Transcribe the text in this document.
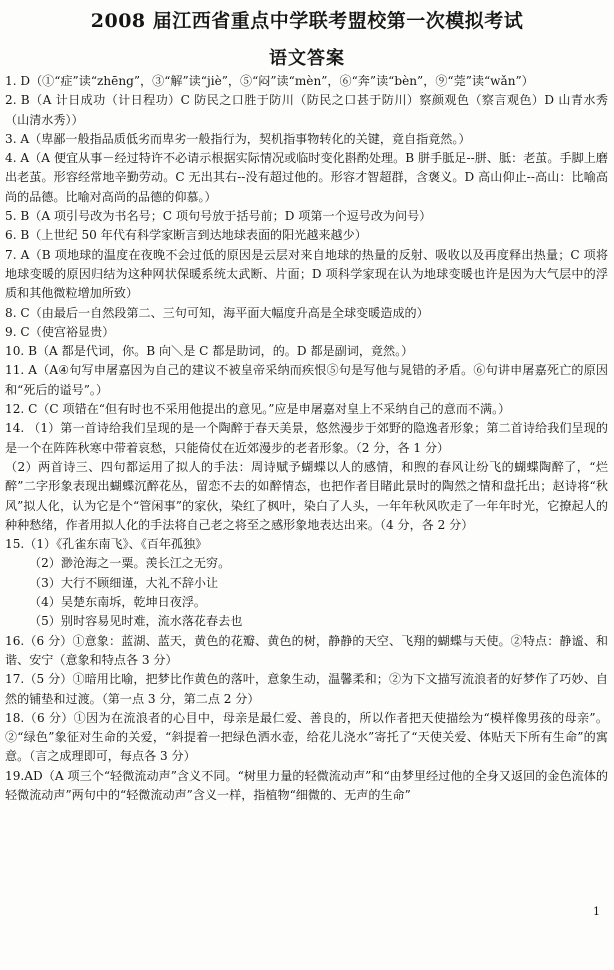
2008 届江西省重点中学联考盟校第一次模拟考试
语文答案

1. D（①“症”读“zhēng”，③“解”读“jiè”，⑤“闷”读“mèn”，⑥“奔”读“bèn”，⑨“莞”读“wǎn”）

2. B（A 计日成功（计日程功）C 防民之口胜于防川（防民之口甚于防川）察颜观色（察言观色）D 山青水秀（山清水秀））

3. A（卑鄙一般指品质低劣而卑劣一般指行为，契机指事物转化的关键，竟自指竟然。）

4. A（A 便宜从事－经过特许不必请示根据实际情况或临时变化斟酌处理。B 胼手胝足--胼、胝：老茧。手脚上磨出老茧。形容经常地辛勤劳动。C 无出其右--没有超过他的。形容才智超群，含褒义。D 高山仰止--高山：比喻高尚的品德。比喻对高尚的品德的仰慕。）

5. B（A 项引号改为书名号；C 项句号放于括号前；D 项第一个逗号改为问号）

6. B（上世纪 50 年代有科学家断言到达地球表面的阳光越来越少）

7. A（B 项地球的温度在夜晚不会过低的原因是云层对来自地球的热量的反射、吸收以及再度释出热量；C 项将地球变暖的原因归结为这种网状保暖系统太武断、片面；D 项科学家现在认为地球变暖也许是因为大气层中的浮质和其他微粒增加所致）

8. C（由最后一自然段第二、三句可知，海平面大幅度升高是全球变暖造成的）

9. C（使宫裕显贵）

10. B（A 都是代词，你。B 向＼是 C 都是助词，的。D 都是副词，竟然。）

11. A（A④句写申屠嘉因为自己的建议不被皇帝采纳而疾恨⑤句是写他与晁错的矛盾。⑥句讲申屠嘉死亡的原因和“死后的谥号”。）

12. C（C 项错在“但有时也不采用他提出的意见。”应是申屠嘉对皇上不采纳自己的意而不满。）

14. （1）第一首诗给我们呈现的是一个陶醉于春天美景，悠然漫步于郊野的隐逸者形象；第二首诗给我们呈现的是一个在阵阵秋寒中带着哀愁，只能倚仗在近郊漫步的老者形象。（2 分，各 1 分）

（2）两首诗三、四句都运用了拟人的手法：周诗赋予蝴蝶以人的感情，和煦的春风让纷飞的蝴蝶陶醉了，“烂醉”二字形象表现出蝴蝶沉醉花丛，留恋不去的如醉情态，也把作者目睹此景时的陶然之情和盘托出；赵诗将“秋风”拟人化，认为它是个“管闲事”的家伙，染红了枫叶，染白了人头，一年年秋风吹走了一年年时光，它撩起人的种种愁绪，作者用拟人化的手法将自己老之将至之感形象地表达出来。（4 分，各 2 分）

15.（1）《孔雀东南飞》、《百年孤独》

（2）渺沧海之一粟。羡长江之无穷。

（3）大行不顾细谨，大礼不辞小让

（4）吴楚东南坼，乾坤日夜浮。

（5）别时容易见时难，流水落花春去也

16.（6 分）①意象：蓝湖、蓝天，黄色的花瓣、黄色的树，静静的天空、飞翔的蝴蝶与天使。②特点：静谧、和谐、安宁（意象和特点各 3 分）

17.（5 分）①暗用比喻，把梦比作黄色的落叶，意象生动，温馨柔和；②为下文描写流浪者的好梦作了巧妙、自然的铺垫和过渡。（第一点 3 分，第二点 2 分）

18.（6 分）①因为在流浪者的心目中，母亲是最仁爱、善良的，所以作者把天使描绘为“模样像男孩的母亲”。②“绿色”象征对生命的关爱，“斜提着一把绿色洒水壶，给花儿浇水”寄托了“天使关爱、体贴天下所有生命”的寓意。（言之成理即可，每点各 3 分）

19.AD（A 项三个“轻微流动声”含义不同。“树里力量的轻微流动声”和“由梦里经过他的全身又返回的金色流体的轻微流动声”两句中的“轻微流动声”含义一样，指植物“细微的、无声的生命”

1
